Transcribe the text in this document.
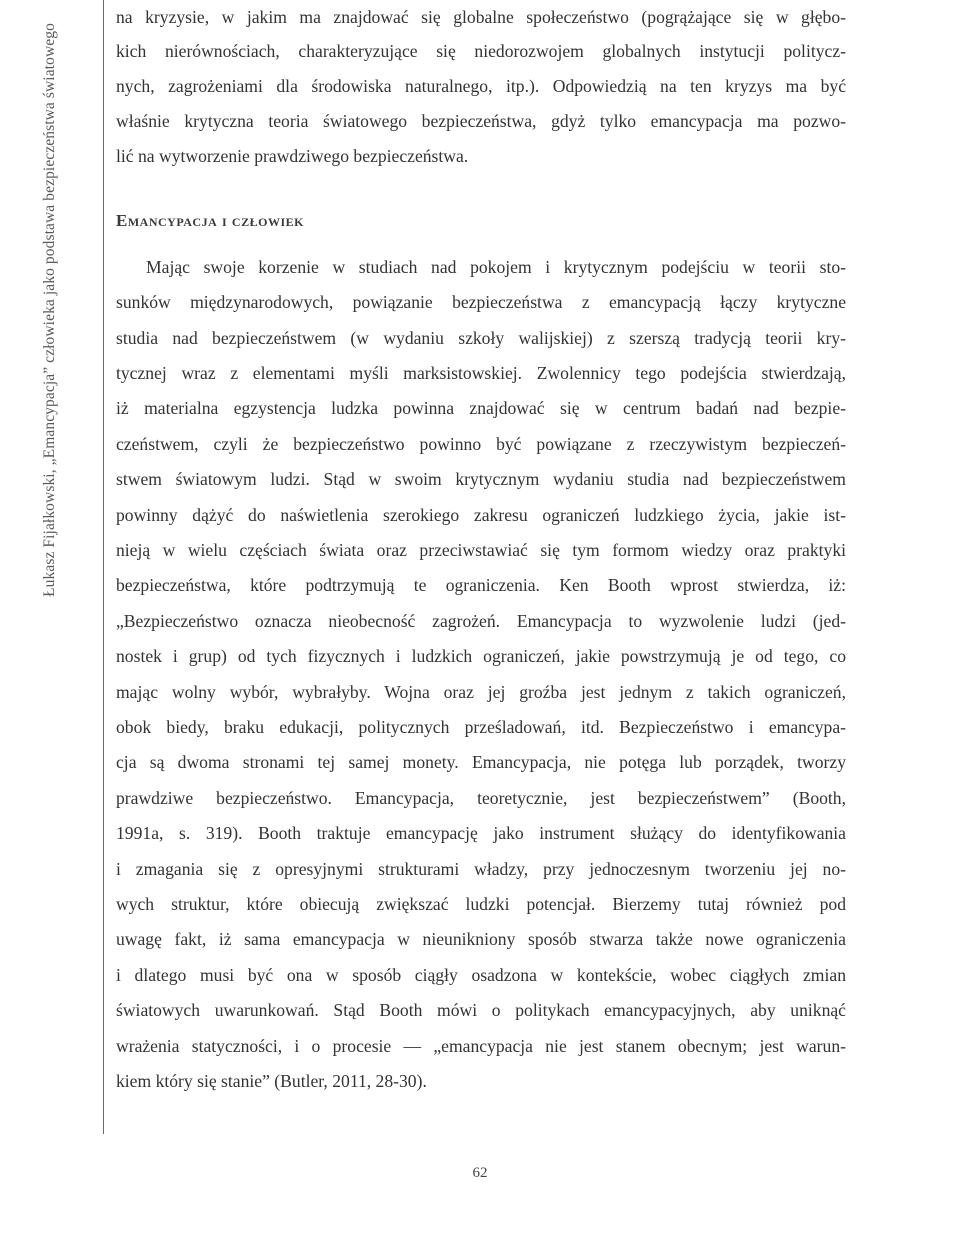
Łukasz Fijałkowski, „Emancypacja” człowieka jako podstawa bezpieczeństwa światowego
na kryzysie, w jakim ma znajdować się globalne społeczeństwo (pogrążające się w głębo-
kich nierównościach, charakteryzujące się niedorozwojem globalnych instytucji politycz-
nych, zagrożeniami dla środowiska naturalnego, itp.). Odpowiedzią na ten kryzys ma być
właśnie krytyczna teoria światowego bezpieczeństwa, gdyż tylko emancypacja ma pozwo-
lić na wytworzenie prawdziwego bezpieczeństwa.
Emancypacja i człowiek
Mając swoje korzenie w studiach nad pokojem i krytycznym podejściu w teorii sto-
sunków międzynarodowych, powiązanie bezpieczeństwa z emancypacją łączy krytyczne
studia nad bezpieczeństwem (w wydaniu szkoły walijskiej) z szerszą tradycją teorii kry-
tycznej wraz z elementami myśli marksistowskiej. Zwolennicy tego podejścia stwierdzają,
iż materialna egzystencja ludzka powinna znajdować się w centrum badań nad bezpie-
czeństwem, czyli że bezpieczeństwo powinno być powiązane z rzeczywistym bezpieczeń-
stwem światowym ludzi. Stąd w swoim krytycznym wydaniu studia nad bezpieczeństwem
powinny dążyć do naświetlenia szerokiego zakresu ograniczeń ludzkiego życia, jakie ist-
nieją w wielu częściach świata oraz przeciwstawiać się tym formom wiedzy oraz praktyki
bezpieczeństwa, które podtrzymują te ograniczenia. Ken Booth wprost stwierdza, iż:
„Bezpieczeństwo oznacza nieobecność zagrożeń. Emancypacja to wyzwolenie ludzi (jed-
nostek i grup) od tych fizycznych i ludzkich ograniczeń, jakie powstrzymują je od tego, co
mając wolny wybór, wybrałyby. Wojna oraz jej groźba jest jednym z takich ograniczeń,
obok biedy, braku edukacji, politycznych prześladowań, itd. Bezpieczeństwo i emancypa-
cja są dwoma stronami tej samej monety. Emancypacja, nie potęga lub porządek, tworzy
prawdziwe bezpieczeństwo. Emancypacja, teoretycznie, jest bezpieczeństwem” (Booth,
1991a, s. 319). Booth traktuje emancypację jako instrument służący do identyfikowania
i zmagania się z opresyjnymi strukturami władzy, przy jednoczesnym tworzeniu jej no-
wych struktur, które obiecują zwiększać ludzki potencjał. Bierzemy tutaj również pod
uwagę fakt, iż sama emancypacja w nieunikniony sposób stwarza także nowe ograniczenia
i dlatego musi być ona w sposób ciągły osadzona w kontekście, wobec ciągłych zmian
światowych uwarunkowań. Stąd Booth mówi o politykach emancypacyjnych, aby uniknąć
wrażenia statyczności, i o procesie — „emancypacja nie jest stanem obecnym; jest warun-
kiem który się stanie” (Butler, 2011, 28-30).
62
